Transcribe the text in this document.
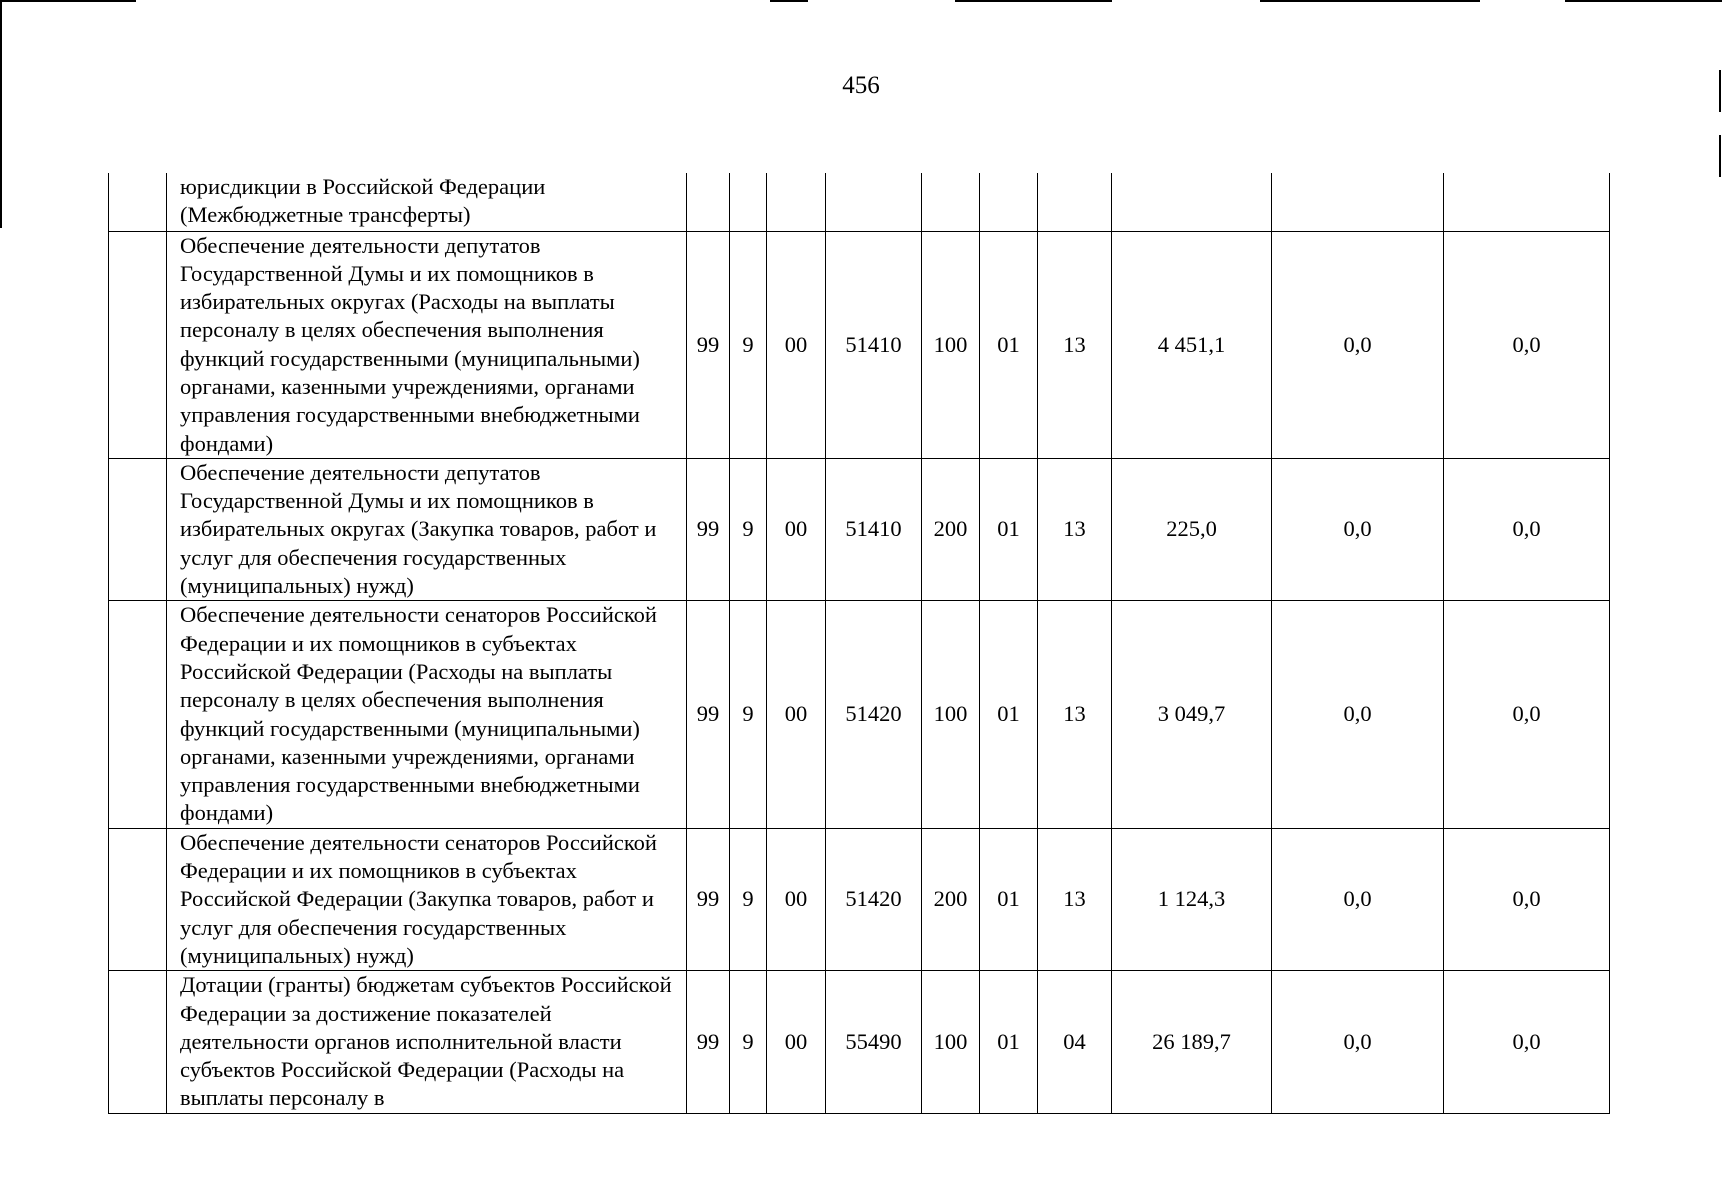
456
	юрисдикции в Российской Федерации (Межбюджетные трансферты)										
	Обеспечение деятельности депутатов Государственной Думы и их помощников в избирательных округах (Расходы на выплаты персоналу в целях обеспечения выполнения функций государственными (муниципальными) органами, казенными учреждениями, органами управления государственными внебюджетными фондами)	99	9	00	51410	100	01	13	4 451,1	0,0	0,0
	Обеспечение деятельности депутатов Государственной Думы и их помощников в избирательных округах (Закупка товаров, работ и услуг для обеспечения государственных (муниципальных) нужд)	99	9	00	51410	200	01	13	225,0	0,0	0,0
	Обеспечение деятельности сенаторов Российской Федерации и их помощников в субъектах Российской Федерации (Расходы на выплаты персоналу в целях обеспечения выполнения функций государственными (муниципальными) органами, казенными учреждениями, органами управления государственными внебюджетными фондами)	99	9	00	51420	100	01	13	3 049,7	0,0	0,0
	Обеспечение деятельности сенаторов Российской Федерации и их помощников в субъектах Российской Федерации (Закупка товаров, работ и услуг для обеспечения государственных (муниципальных) нужд)	99	9	00	51420	200	01	13	1 124,3	0,0	0,0
	Дотации (гранты) бюджетам субъектов Российской Федерации за достижение показателей деятельности органов исполнительной власти субъектов Российской Федерации (Расходы на выплаты персоналу в	99	9	00	55490	100	01	04	26 189,7	0,0	0,0
